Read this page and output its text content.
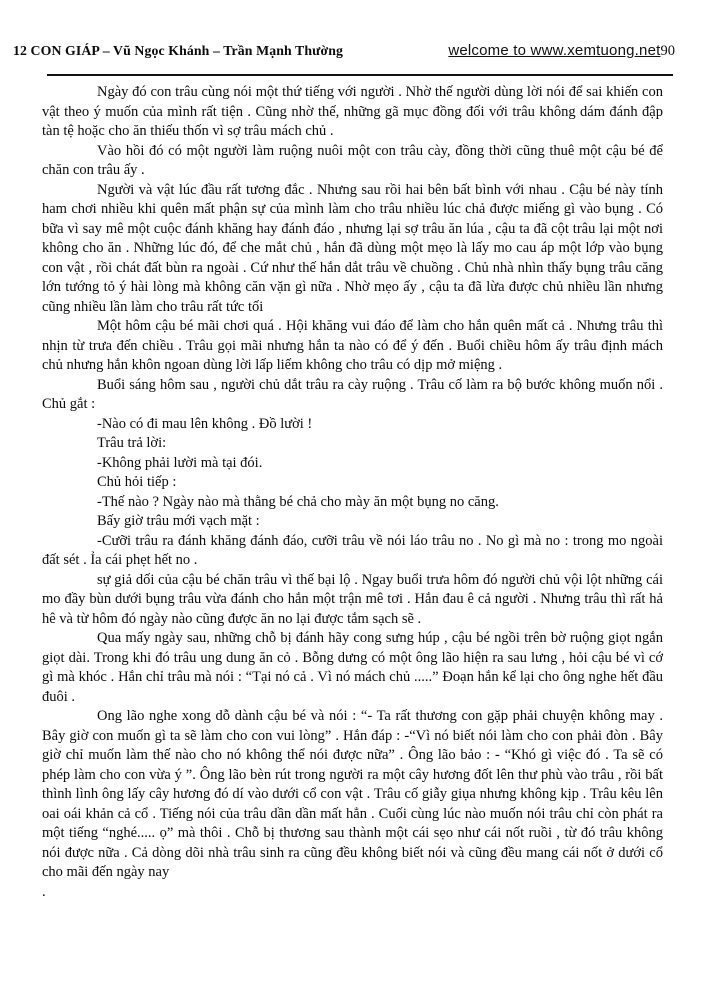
12 CON GIÁP – Vũ Ngọc Khánh – Trần Mạnh Thường	welcome to www.xemtuong.net 90

Ngày đó con trâu cùng nói một thứ tiếng với người . Nhờ thế người dùng lời nói để sai khiến con vật theo ý muốn của mình rất tiện . Cũng nhờ thế, những gã mục đồng đối với trâu không dám đánh đập tàn tệ hoặc cho ăn thiếu thốn vì sợ trâu mách chủ .

Vào hồi đó có một người làm ruộng nuôi một con trâu cày, đồng thời cũng thuê một cậu bé để chăn con trâu ấy .

Người và vật lúc đầu rất tương đắc . Nhưng sau rồi hai bên bất bình với nhau . Cậu bé này tính ham chơi nhiều khi quên mất phận sự của mình làm cho trâu nhiều lúc chả được miếng gì vào bụng . Có bữa vì say mê một cuộc đánh khăng hay đánh đáo , nhưng lại sợ trâu ăn lúa , cậu ta đã cột trâu lại một nơi không cho ăn . Những lúc đó, để che mắt chủ , hắn đã dùng một mẹo là lấy mo cau áp một lớp vào bụng con vật , rồi chát đất bùn ra ngoài . Cứ như thế hắn dắt trâu về chuồng . Chủ nhà nhìn thấy bụng trâu căng lớn tướng tỏ ý hài lòng mà không căn vặn gì nữa . Nhờ mẹo ấy , cậu ta đã lừa được chủ nhiều lần nhưng cũng nhiều lần làm cho trâu rất tức tối

Một hôm cậu bé mãi chơi quá . Hội khăng vui đáo để làm cho hắn quên mất cả . Nhưng trâu thì nhịn từ trưa đến chiều . Trâu gọi mãi nhưng hắn ta nào có để ý đến . Buổi chiều hôm ấy trâu định mách chủ nhưng hắn khôn ngoan dùng lời lấp liếm không cho trâu có dịp mở miệng .

Buổi sáng hôm sau , người chủ dắt trâu ra cày ruộng . Trâu cố làm ra bộ bước không muốn nổi . Chủ gắt :

-Nào có đi mau lên không . Đồ lười !

Trâu trả lời:

-Không phải lười mà tại đói.

Chủ hỏi tiếp :

-Thế nào ? Ngày nào mà thằng bé chả cho mày ăn một bụng no căng.

Bấy giờ trâu mới vạch mặt :

-Cưỡi trâu ra đánh khăng đánh đáo, cưỡi trâu về nói láo trâu no . No gì mà no : trong mo ngoài đất sét . Ỉa cái phẹt hết no .

sự giả dối của cậu bé chăn trâu vì thế bại lộ . Ngay buổi trưa hôm đó người chủ vội lột những cái mo đầy bùn dưới bụng trâu vừa đánh cho hắn một trận mê tơi . Hắn đau ê cả người . Nhưng trâu thì rất hả hê và từ hôm đó ngày nào cũng được ăn no lại được tắm sạch sẽ .

Qua mấy ngày sau, những chỗ bị đánh hãy cong sưng húp , cậu bé ngồi trên bờ ruộng giọt ngắn giọt dài. Trong khi đó trâu ung dung ăn cỏ . Bỗng dưng có một ông lão hiện ra sau lưng , hỏi cậu bé vì cớ gì mà khóc . Hắn chỉ trâu mà nói : “Tại nó cả . Vì nó mách chủ .....” Đoạn hắn kể lại cho ông nghe hết đầu đuôi .

Ong lão nghe xong dỗ dành cậu bé và nói : “- Ta rất thương con gặp phải chuyện không may . Bây giờ con muốn gì ta sẽ làm cho con vui lòng” . Hắn đáp : -“Vì nó biết nói làm cho con phải đòn . Bây giờ chỉ muốn làm thế nào cho nó không thể nói được nữa” . Ông lão bảo : - “Khó gì việc đó . Ta sẽ có phép làm cho con vừa ý ”. Ông lão bèn rút trong người ra một cây hương đốt lên thư phù vào trâu , rồi bất thình lình ông lấy cây hương đó dí vào dưới cổ con vật . Trâu cố giẫy giụa nhưng không kịp . Trâu kêu lên oai oái khản cả cổ . Tiếng nói của trâu dần dần mất hẳn . Cuối cùng lúc nào muốn nói trâu chỉ còn phát ra một tiếng “nghé..... ọ” mà thôi . Chỗ bị thương sau thành một cái sẹo như cái nốt ruồi , từ đó trâu không nói được nữa . Cả dòng dõi nhà trâu sinh ra cũng đều không biết nói và cũng đều mang cái nốt ở dưới cổ cho mãi đến ngày nay

.
